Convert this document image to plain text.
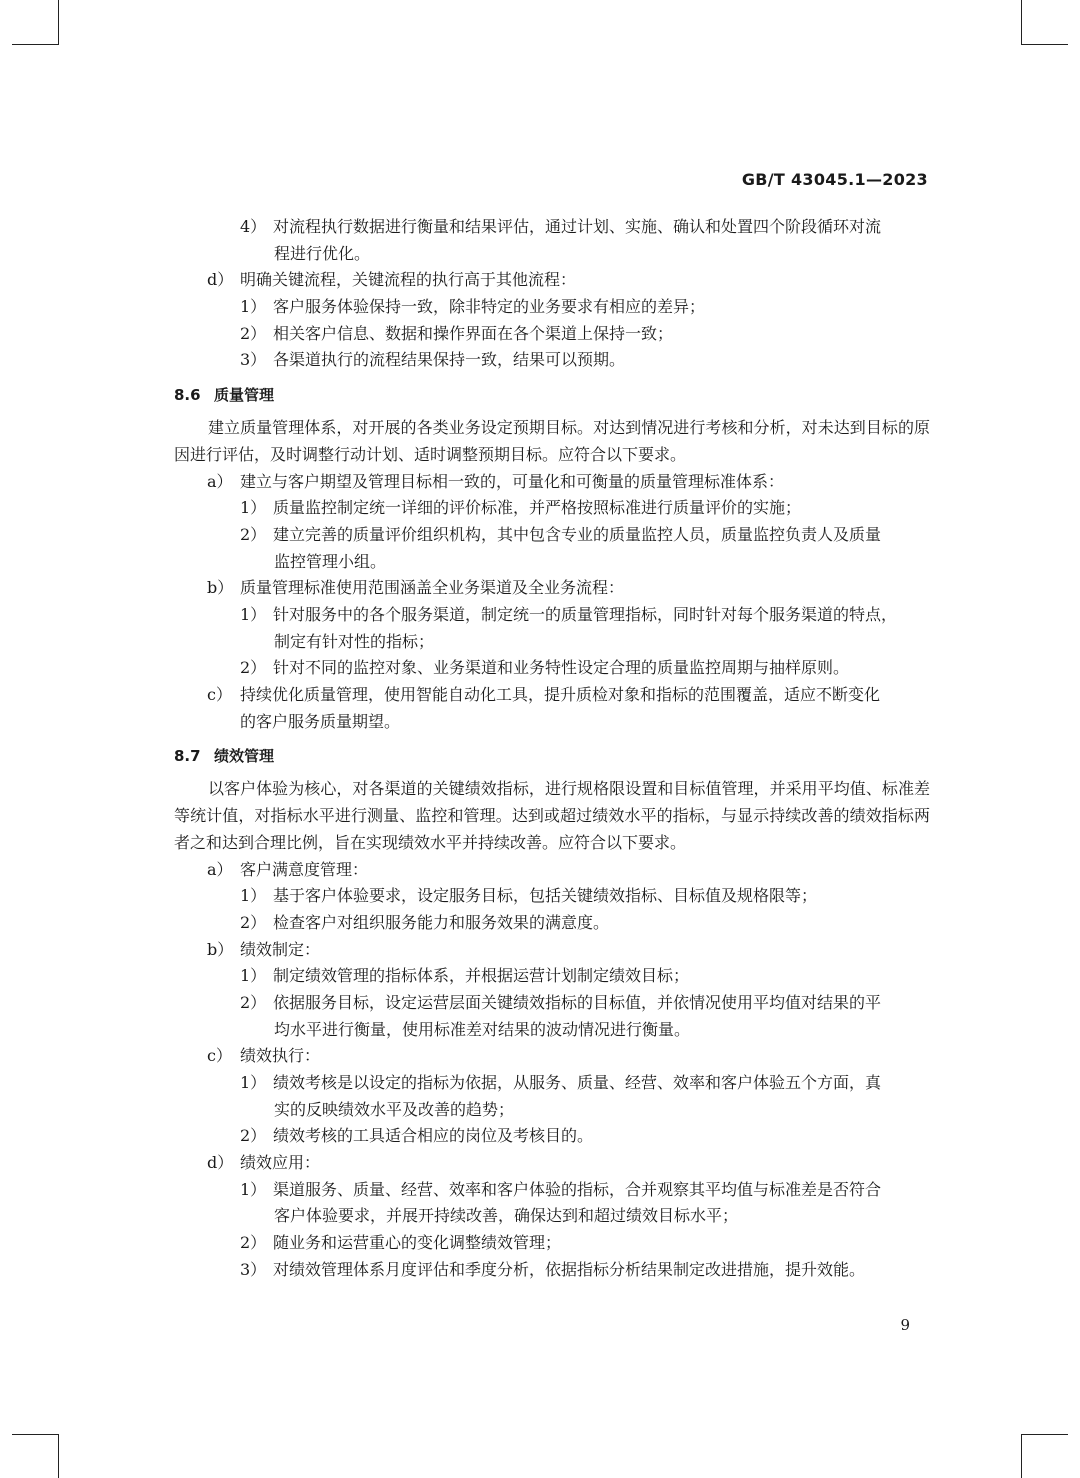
GB/T 43045.1—2023
4） 对流程执行数据进行衡量和结果评估，通过计划、实施、确认和处置四个阶段循环对流
程进行优化。
d） 明确关键流程，关键流程的执行高于其他流程：
1） 客户服务体验保持一致，除非特定的业务要求有相应的差异；
2） 相关客户信息、数据和操作界面在各个渠道上保持一致；
3） 各渠道执行的流程结果保持一致，结果可以预期。
8.6 质量管理
建立质量管理体系，对开展的各类业务设定预期目标。对达到情况进行考核和分析，对未达到目标的原因进行评估，及时调整行动计划、适时调整预期目标。应符合以下要求。
a） 建立与客户期望及管理目标相一致的，可量化和可衡量的质量管理标准体系：
1） 质量监控制定统一详细的评价标准，并严格按照标准进行质量评价的实施；
2） 建立完善的质量评价组织机构，其中包含专业的质量监控人员，质量监控负责人及质量
监控管理小组。
b） 质量管理标准使用范围涵盖全业务渠道及全业务流程：
1） 针对服务中的各个服务渠道，制定统一的质量管理指标，同时针对每个服务渠道的特点，
制定有针对性的指标；
2） 针对不同的监控对象、业务渠道和业务特性设定合理的质量监控周期与抽样原则。
c） 持续优化质量管理，使用智能自动化工具，提升质检对象和指标的范围覆盖，适应不断变化
的客户服务质量期望。
8.7 绩效管理
以客户体验为核心，对各渠道的关键绩效指标，进行规格限设置和目标值管理，并采用平均值、标准差等统计值，对指标水平进行测量、监控和管理。达到或超过绩效水平的指标，与显示持续改善的绩效指标两者之和达到合理比例，旨在实现绩效水平并持续改善。应符合以下要求。
a） 客户满意度管理：
1） 基于客户体验要求，设定服务目标，包括关键绩效指标、目标值及规格限等；
2） 检查客户对组织服务能力和服务效果的满意度。
b） 绩效制定：
1） 制定绩效管理的指标体系，并根据运营计划制定绩效目标；
2） 依据服务目标，设定运营层面关键绩效指标的目标值，并依情况使用平均值对结果的平
均水平进行衡量，使用标准差对结果的波动情况进行衡量。
c） 绩效执行：
1） 绩效考核是以设定的指标为依据，从服务、质量、经营、效率和客户体验五个方面，真
实的反映绩效水平及改善的趋势；
2） 绩效考核的工具适合相应的岗位及考核目的。
d） 绩效应用：
1） 渠道服务、质量、经营、效率和客户体验的指标，合并观察其平均值与标准差是否符合
客户体验要求，并展开持续改善，确保达到和超过绩效目标水平；
2） 随业务和运营重心的变化调整绩效管理；
3） 对绩效管理体系月度评估和季度分析，依据指标分析结果制定改进措施，提升效能。
9
